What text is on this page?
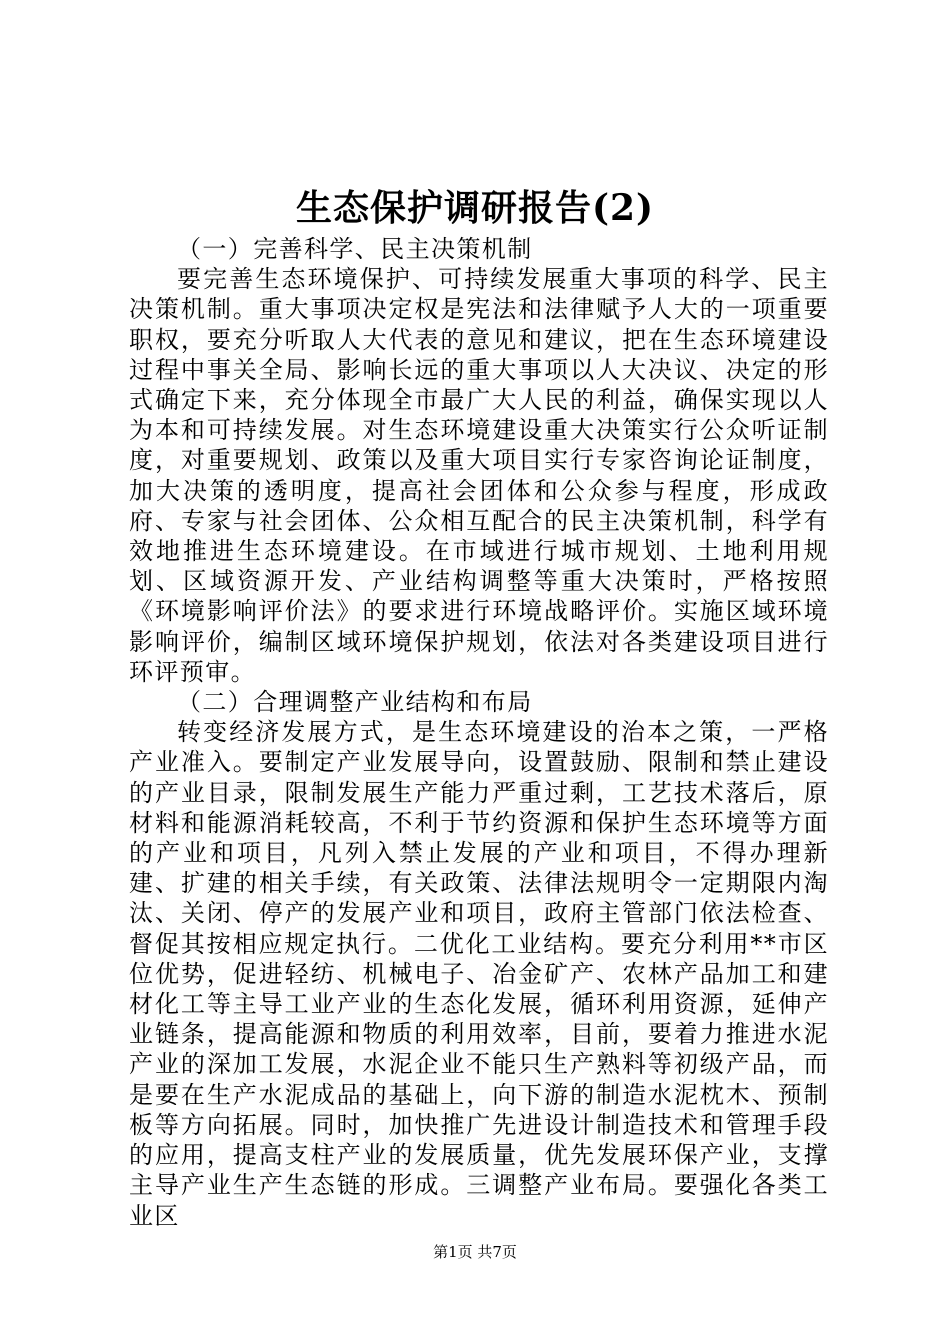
生态保护调研报告(2)

（一）完善科学、民主决策机制

要完善生态环境保护、可持续发展重大事项的科学、民主决策机制。重大事项决定权是宪法和法律赋予人大的一项重要职权，要充分听取人大代表的意见和建议，把在生态环境建设过程中事关全局、影响长远的重大事项以人大决议、决定的形式确定下来，充分体现全市最广大人民的利益，确保实现以人为本和可持续发展。对生态环境建设重大决策实行公众听证制度，对重要规划、政策以及重大项目实行专家咨询论证制度，加大决策的透明度，提高社会团体和公众参与程度，形成政府、专家与社会团体、公众相互配合的民主决策机制，科学有效地推进生态环境建设。在市域进行城市规划、土地利用规划、区域资源开发、产业结构调整等重大决策时，严格按照《环境影响评价法》的要求进行环境战略评价。实施区域环境影响评价，编制区域环境保护规划，依法对各类建设项目进行环评预审。

（二）合理调整产业结构和布局

转变经济发展方式，是生态环境建设的治本之策，一严格产业准入。要制定产业发展导向，设置鼓励、限制和禁止建设的产业目录，限制发展生产能力严重过剩，工艺技术落后，原材料和能源消耗较高，不利于节约资源和保护生态环境等方面的产业和项目，凡列入禁止发展的产业和项目，不得办理新建、扩建的相关手续，有关政策、法律法规明令一定期限内淘汰、关闭、停产的发展产业和项目，政府主管部门依法检查、督促其按相应规定执行。二优化工业结构。要充分利用**市区位优势，促进轻纺、机械电子、冶金矿产、农林产品加工和建材化工等主导工业产业的生态化发展，循环利用资源，延伸产业链条，提高能源和物质的利用效率，目前，要着力推进水泥产业的深加工发展，水泥企业不能只生产熟料等初级产品，而是要在生产水泥成品的基础上，向下游的制造水泥枕木、预制板等方向拓展。同时，加快推广先进设计制造技术和管理手段的应用，提高支柱产业的发展质量，优先发展环保产业，支撑主导产业生产生态链的形成。三调整产业布局。要强化各类工业区

第1页 共7页
